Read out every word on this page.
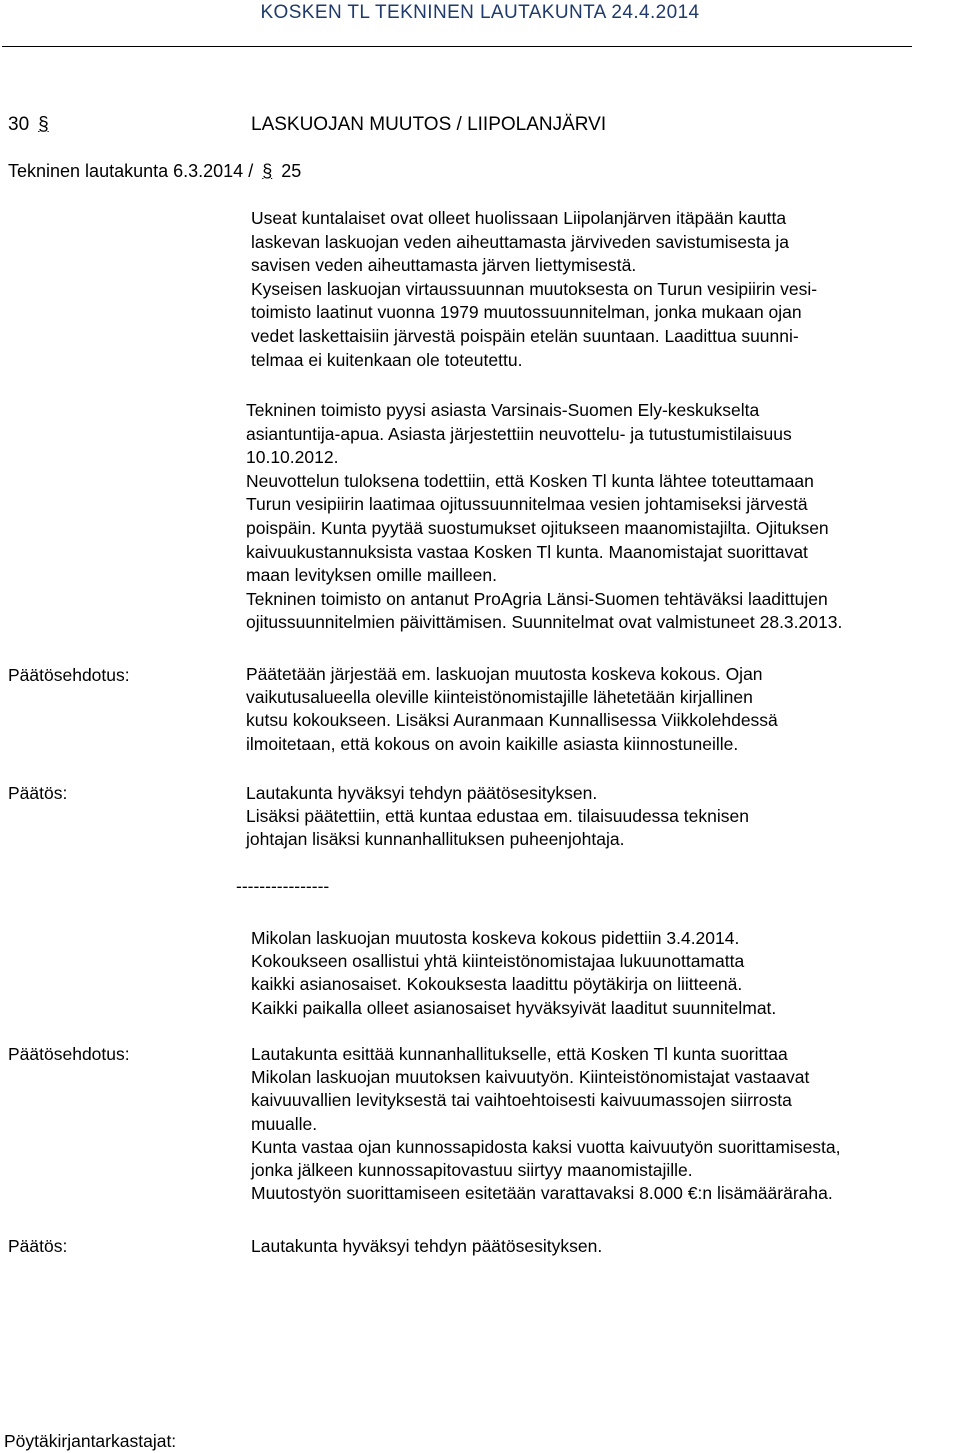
KOSKEN TL TEKNINEN LAUTAKUNTA 24.4.2014
30 §	LASKUOJAN MUUTOS / LIIPOLANJÄRVI
Tekninen lautakunta 6.3.2014 / § 25
Useat kuntalaiset ovat olleet huolissaan Liipolanjärven itäpään kautta
laskevan laskuojan veden aiheuttamasta järviveden savistumisesta ja
savisen veden aiheuttamasta järven liettymisestä.
Kyseisen laskuojan virtaussuunnan muutoksesta on Turun vesipiirin vesi-
toimisto laatinut vuonna 1979 muutossuunnitelman, jonka mukaan ojan
vedet laskettaisiin järvestä poispäin etelän suuntaan. Laadittua suunni-
telmaa ei kuitenkaan ole toteutettu.
Tekninen toimisto pyysi asiasta Varsinais-Suomen Ely-keskukselta
asiantuntija-apua. Asiasta järjestettiin neuvottelu- ja tutustumistilaisuus
10.10.2012.
Neuvottelun tuloksena todettiin, että Kosken Tl kunta lähtee toteuttamaan
Turun vesipiirin laatimaa ojitussuunnitelmaa vesien johtamiseksi järvestä
poispäin. Kunta pyytää suostumukset ojitukseen maanomistajilta. Ojituksen
kaivuukustannuksista vastaa Kosken Tl kunta. Maanomistajat suorittavat
maan levityksen omille mailleen.
Tekninen toimisto on antanut ProAgria Länsi-Suomen tehtäväksi laadittujen
ojitussuunnitelmien päivittämisen. Suunnitelmat ovat valmistuneet 28.3.2013.
Päätösehdotus:	Päätetään järjestää em. laskuojan muutosta koskeva kokous. Ojan
vaikutusalueella oleville kiinteistönomistajille lähetetään kirjallinen
kutsu kokoukseen. Lisäksi Auranmaan Kunnallisessa Viikkolehdessä
ilmoitetaan, että kokous on avoin kaikille asiasta kiinnostuneille.
Päätös:	Lautakunta hyväksyi tehdyn päätösesityksen.
Lisäksi päätettiin, että kuntaa edustaa em. tilaisuudessa teknisen
johtajan lisäksi kunnanhallituksen puheenjohtaja.
----------------
Mikolan laskuojan muutosta koskeva kokous pidettiin 3.4.2014.
Kokoukseen osallistui yhtä kiinteistönomistajaa lukuunottamatta
kaikki asianosaiset. Kokouksesta laadittu pöytäkirja on liitteenä.
Kaikki paikalla olleet asianosaiset hyväksyivät laaditut suunnitelmat.
Päätösehdotus:	Lautakunta esittää kunnanhallitukselle, että Kosken Tl kunta suorittaa
Mikolan laskuojan muutoksen kaivuutyön. Kiinteistönomistajat vastaavat
kaivuuvallien levityksestä tai vaihtoehtoisesti kaivuumassojen siirrosta
muualle.
Kunta vastaa ojan kunnossapidosta kaksi vuotta kaivuutyön suorittamisesta,
jonka jälkeen kunnossapitovastuu siirtyy maanomistajille.
Muutostyön suorittamiseen esitetään varattavaksi 8.000 €:n lisämääräraha.
Päätös:	Lautakunta hyväksyi tehdyn päätösesityksen.
Pöytäkirjantarkastajat:
